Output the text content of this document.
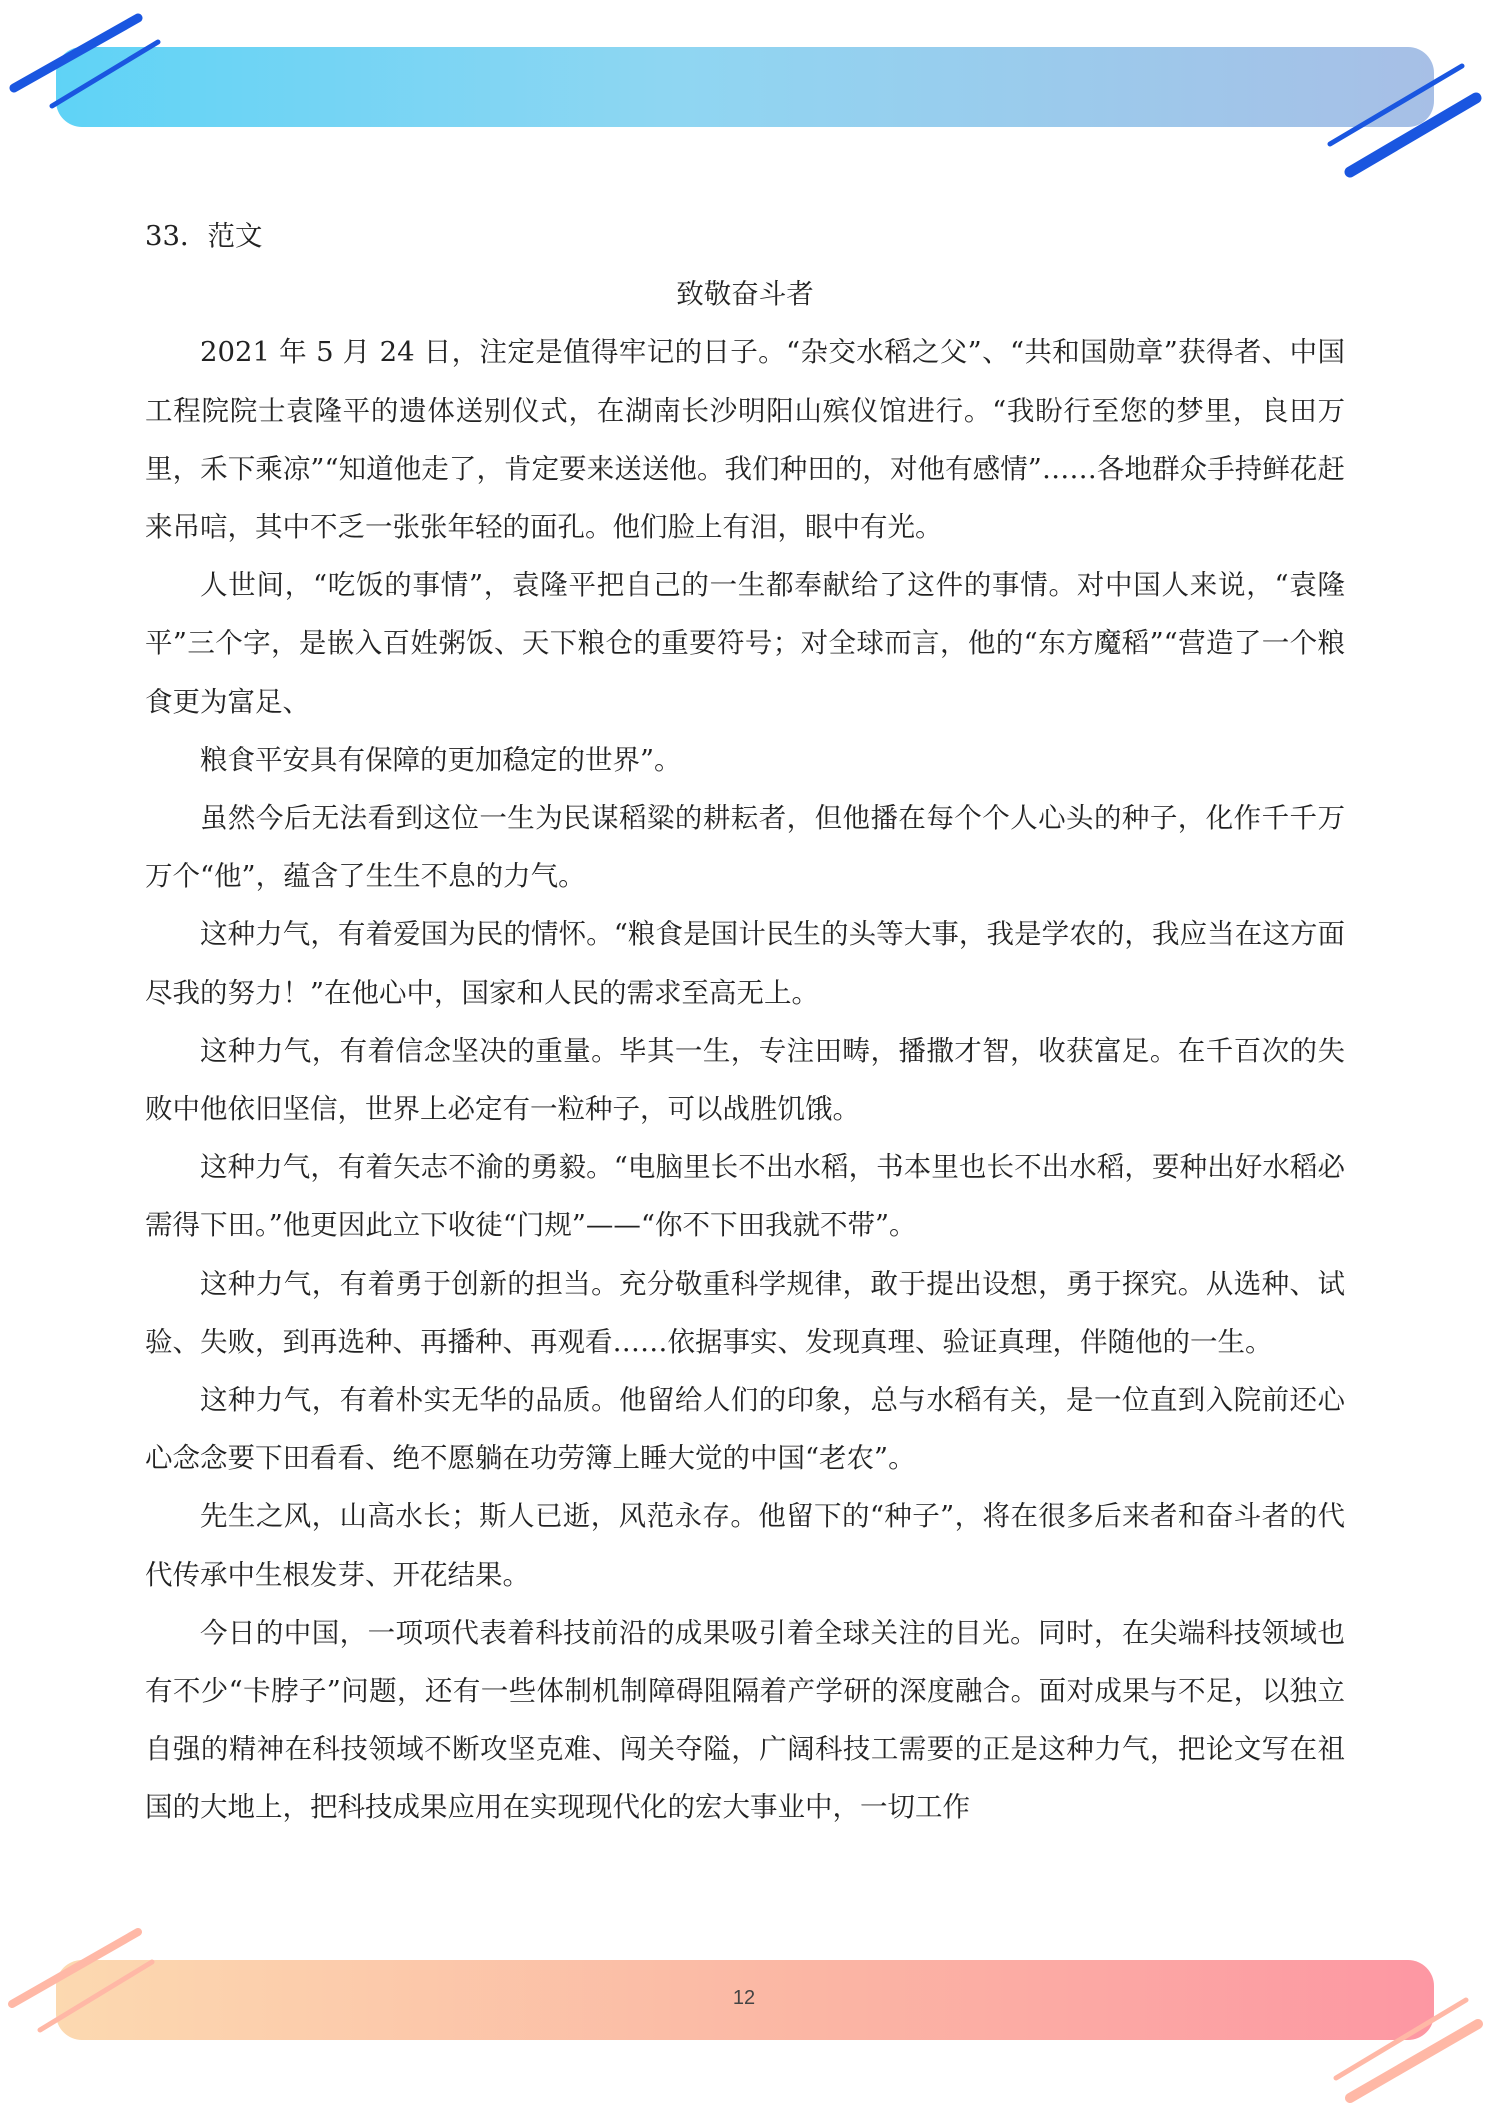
33．范文

致敬奋斗者

2021 年 5 月 24 日，注定是值得牢记的日子。“杂交水稻之父”、“共和国勋章”获得者、中国工程院院士袁隆平的遗体送别仪式，在湖南长沙明阳山殡仪馆进行。“我盼行至您的梦里，良田万里，禾下乘凉”“知道他走了，肯定要来送送他。我们种田的，对他有感情”……各地群众手持鲜花赶来吊唁，其中不乏一张张年轻的面孔。他们脸上有泪，眼中有光。

人世间，“吃饭的事情”，袁隆平把自己的一生都奉献给了这件的事情。对中国人来说，“袁隆平”三个字，是嵌入百姓粥饭、天下粮仓的重要符号；对全球而言，他的“东方魔稻”“营造了一个粮食更为富足、

粮食平安具有保障的更加稳定的世界”。

虽然今后无法看到这位一生为民谋稻粱的耕耘者，但他播在每个个人心头的种子，化作千千万万个“他”，蕴含了生生不息的力气。

这种力气，有着爱国为民的情怀。“粮食是国计民生的头等大事，我是学农的，我应当在这方面尽我的努力！”在他心中，国家和人民的需求至高无上。

这种力气，有着信念坚决的重量。毕其一生，专注田畴，播撒才智，收获富足。在千百次的失败中他依旧坚信，世界上必定有一粒种子，可以战胜饥饿。

这种力气，有着矢志不渝的勇毅。“电脑里长不出水稻，书本里也长不出水稻，要种出好水稻必需得下田。”他更因此立下收徒“门规”——“你不下田我就不带”。

这种力气，有着勇于创新的担当。充分敬重科学规律，敢于提出设想，勇于探究。从选种、试验、失败，到再选种、再播种、再观看……依据事实、发现真理、验证真理，伴随他的一生。

这种力气，有着朴实无华的品质。他留给人们的印象，总与水稻有关，是一位直到入院前还心心念念要下田看看、绝不愿躺在功劳簿上睡大觉的中国“老农”。

先生之风，山高水长；斯人已逝，风范永存。他留下的“种子”，将在很多后来者和奋斗者的代代传承中生根发芽、开花结果。

今日的中国，一项项代表着科技前沿的成果吸引着全球关注的目光。同时，在尖端科技领域也有不少“卡脖子”问题，还有一些体制机制障碍阻隔着产学研的深度融合。面对成果与不足，以独立自强的精神在科技领域不断攻坚克难、闯关夺隘，广阔科技工需要的正是这种力气，把论文写在祖国的大地上，把科技成果应用在实现现代化的宏大事业中，一切工作

12
